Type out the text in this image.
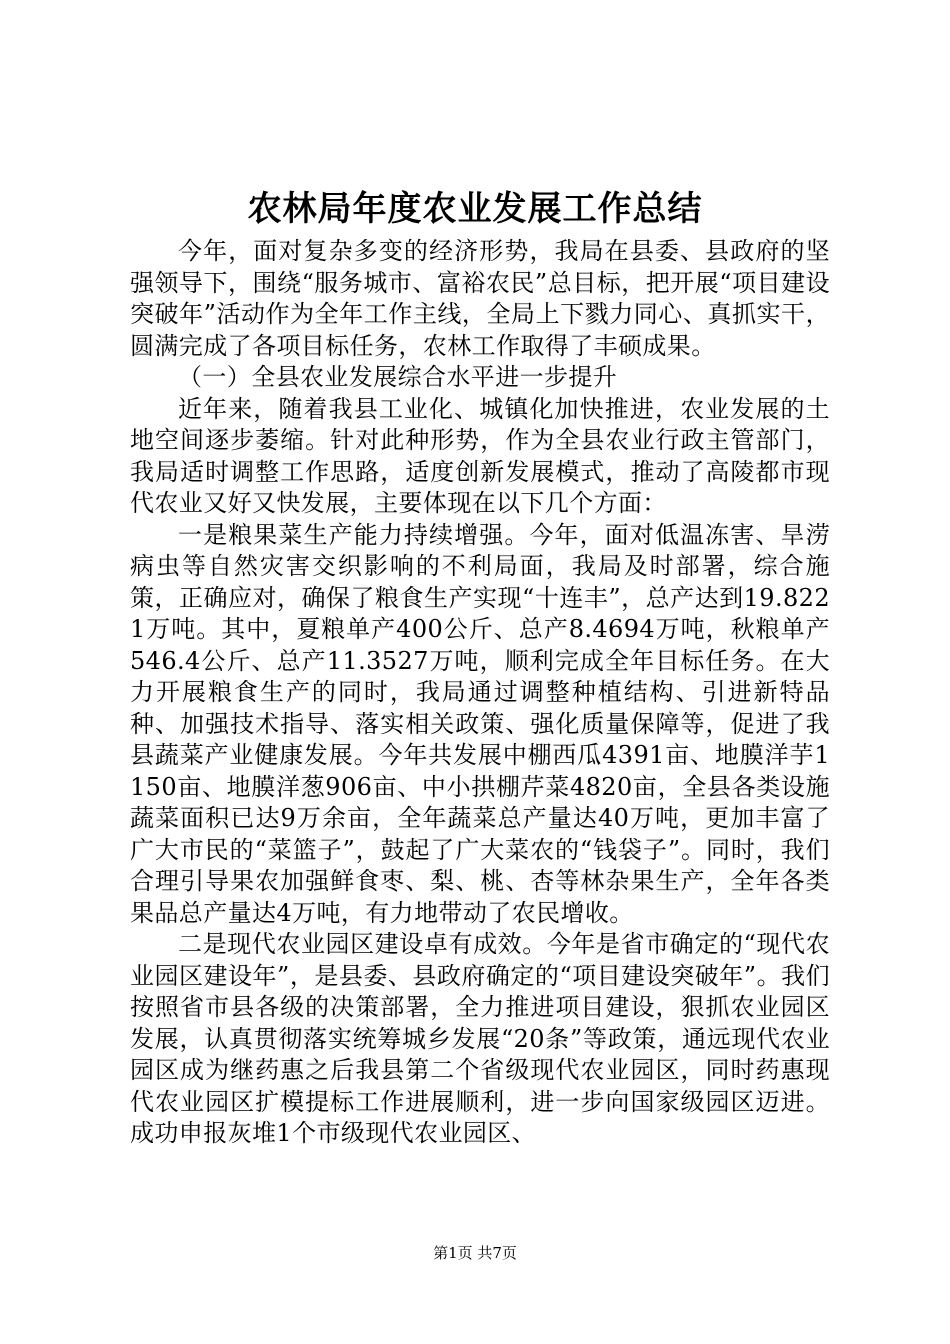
农林局年度农业发展工作总结

今年，面对复杂多变的经济形势，我局在县委、县政府的坚强领导下，围绕“服务城市、富裕农民”总目标，把开展“项目建设突破年”活动作为全年工作主线，全局上下戮力同心、真抓实干，圆满完成了各项目标任务，农林工作取得了丰硕成果。

（一）全县农业发展综合水平进一步提升

近年来，随着我县工业化、城镇化加快推进，农业发展的土地空间逐步萎缩。针对此种形势，作为全县农业行政主管部门，我局适时调整工作思路，适度创新发展模式，推动了高陵都市现代农业又好又快发展，主要体现在以下几个方面：

一是粮果菜生产能力持续增强。今年，面对低温冻害、旱涝病虫等自然灾害交织影响的不利局面，我局及时部署，综合施策，正确应对，确保了粮食生产实现“十连丰”，总产达到19.8221万吨。其中，夏粮单产400公斤、总产8.4694万吨，秋粮单产546.4公斤、总产11.3527万吨，顺利完成全年目标任务。在大力开展粮食生产的同时，我局通过调整种植结构、引进新特品种、加强技术指导、落实相关政策、强化质量保障等，促进了我县蔬菜产业健康发展。今年共发展中棚西瓜4391亩、地膜洋芋1150亩、地膜洋葱906亩、中小拱棚芹菜4820亩，全县各类设施蔬菜面积已达9万余亩，全年蔬菜总产量达40万吨，更加丰富了广大市民的“菜篮子”，鼓起了广大菜农的“钱袋子”。同时，我们合理引导果农加强鲜食枣、梨、桃、杏等林杂果生产，全年各类果品总产量达4万吨，有力地带动了农民增收。

二是现代农业园区建设卓有成效。今年是省市确定的“现代农业园区建设年”，是县委、县政府确定的“项目建设突破年”。我们按照省市县各级的决策部署，全力推进项目建设，狠抓农业园区发展，认真贯彻落实统筹城乡发展“20条”等政策，通远现代农业园区成为继药惠之后我县第二个省级现代农业园区，同时药惠现代农业园区扩模提标工作进展顺利，进一步向国家级园区迈进。成功申报灰堆1个市级现代农业园区、

第1页 共7页
